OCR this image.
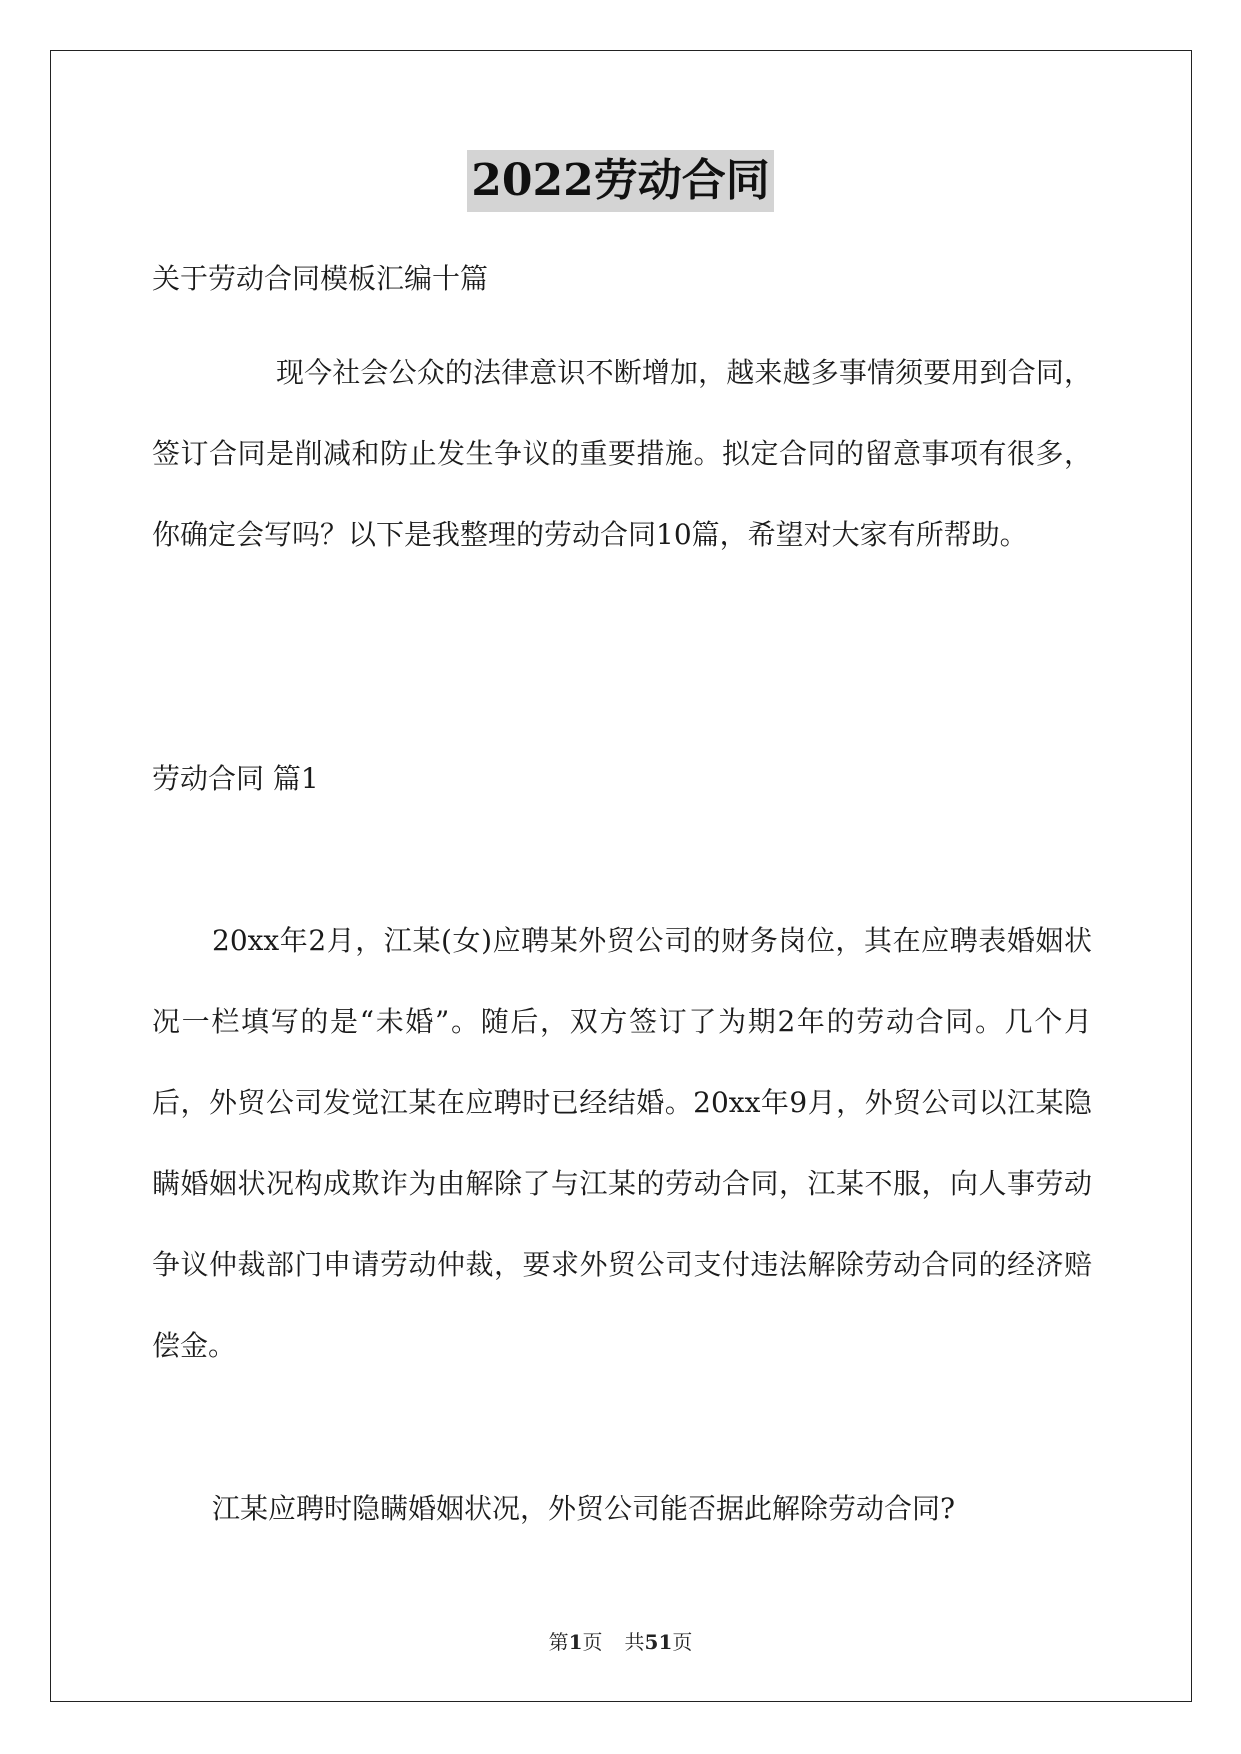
2022劳动合同
关于劳动合同模板汇编十篇

现今社会公众的法律意识不断增加，越来越多事情须要用到合同，签订合同是削减和防止发生争议的重要措施。拟定合同的留意事项有很多，你确定会写吗？以下是我整理的劳动合同10篇，希望对大家有所帮助。

劳动合同 篇1

20xx年2月，江某(女)应聘某外贸公司的财务岗位，其在应聘表婚姻状况一栏填写的是“未婚”。随后，双方签订了为期2年的劳动合同。几个月后，外贸公司发觉江某在应聘时已经结婚。20xx年9月，外贸公司以江某隐瞒婚姻状况构成欺诈为由解除了与江某的劳动合同，江某不服，向人事劳动争议仲裁部门申请劳动仲裁，要求外贸公司支付违法解除劳动合同的经济赔偿金。

江某应聘时隐瞒婚姻状况，外贸公司能否据此解除劳动合同?

第1页 共51页
